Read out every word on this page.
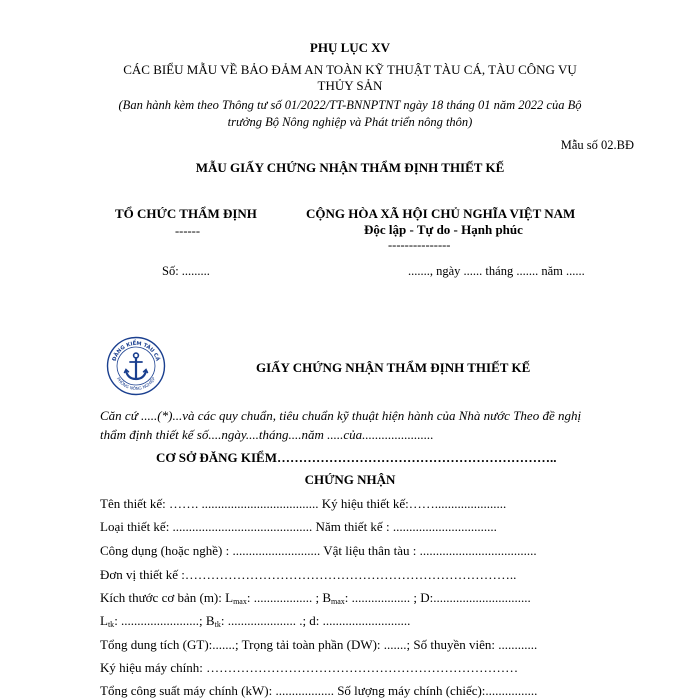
PHỤ LỤC XV
CÁC BIỂU MẪU VỀ BẢO ĐẢM AN TOÀN KỸ THUẬT TÀU CÁ, TÀU CÔNG VỤ
THỦY SẢN
(Ban hành kèm theo Thông tư số 01/2022/TT-BNNPTNT ngày 18 tháng 01 năm 2022 của Bộ
trưởng Bộ Nông nghiệp và Phát triển nông thôn)
Mẫu số 02.BĐ
MẪU GIẤY CHỨNG NHẬN THẨM ĐỊNH THIẾT KẾ
TỔ CHỨC THẨM ĐỊNH
------
Số: .........
CỘNG HÒA XÃ HỘI CHỦ NGHĨA VIỆT NAM
Độc lập - Tự do - Hạnh phúc
---------------
......., ngày ...... tháng ....... năm ......
ĐĂNG KIỂM TÀU CÁ
PHÒNG NÔNG NGHIỆP
GIẤY CHỨNG NHẬN THẨM ĐỊNH THIẾT KẾ
Căn cứ .....(*)...và các quy chuẩn, tiêu chuẩn kỹ thuật hiện hành của Nhà nước Theo đề nghị
thẩm định thiết kế số....ngày....tháng....năm .....của......................
CƠ SỞ ĐĂNG KIỂM………………………………………………………..
CHỨNG NHẬN
Tên thiết kế: ……. .................................... Ký hiệu thiết kế:……......................
Loại thiết kế: ........................................... Năm thiết kế : ................................
Công dụng (hoặc nghề) : ........................... Vật liệu thân tàu : ....................................
Đơn vị thiết kế :…………………………………………………………………..
Kích thước cơ bản (m): $L_{max}$: .................. ; $B_{max}$: .................. ; D:..............................
$L_{tk}$: ........................; $B_{tk}$: ..................... .; d: ...........................
Tổng dung tích (GT):.......; Trọng tải toàn phần (DW): .......; Số thuyền viên: ............
Ký hiệu máy chính: ………………………………………………………………
Tổng công suất máy chính (kW): .................. Số lượng máy chính (chiếc):................
